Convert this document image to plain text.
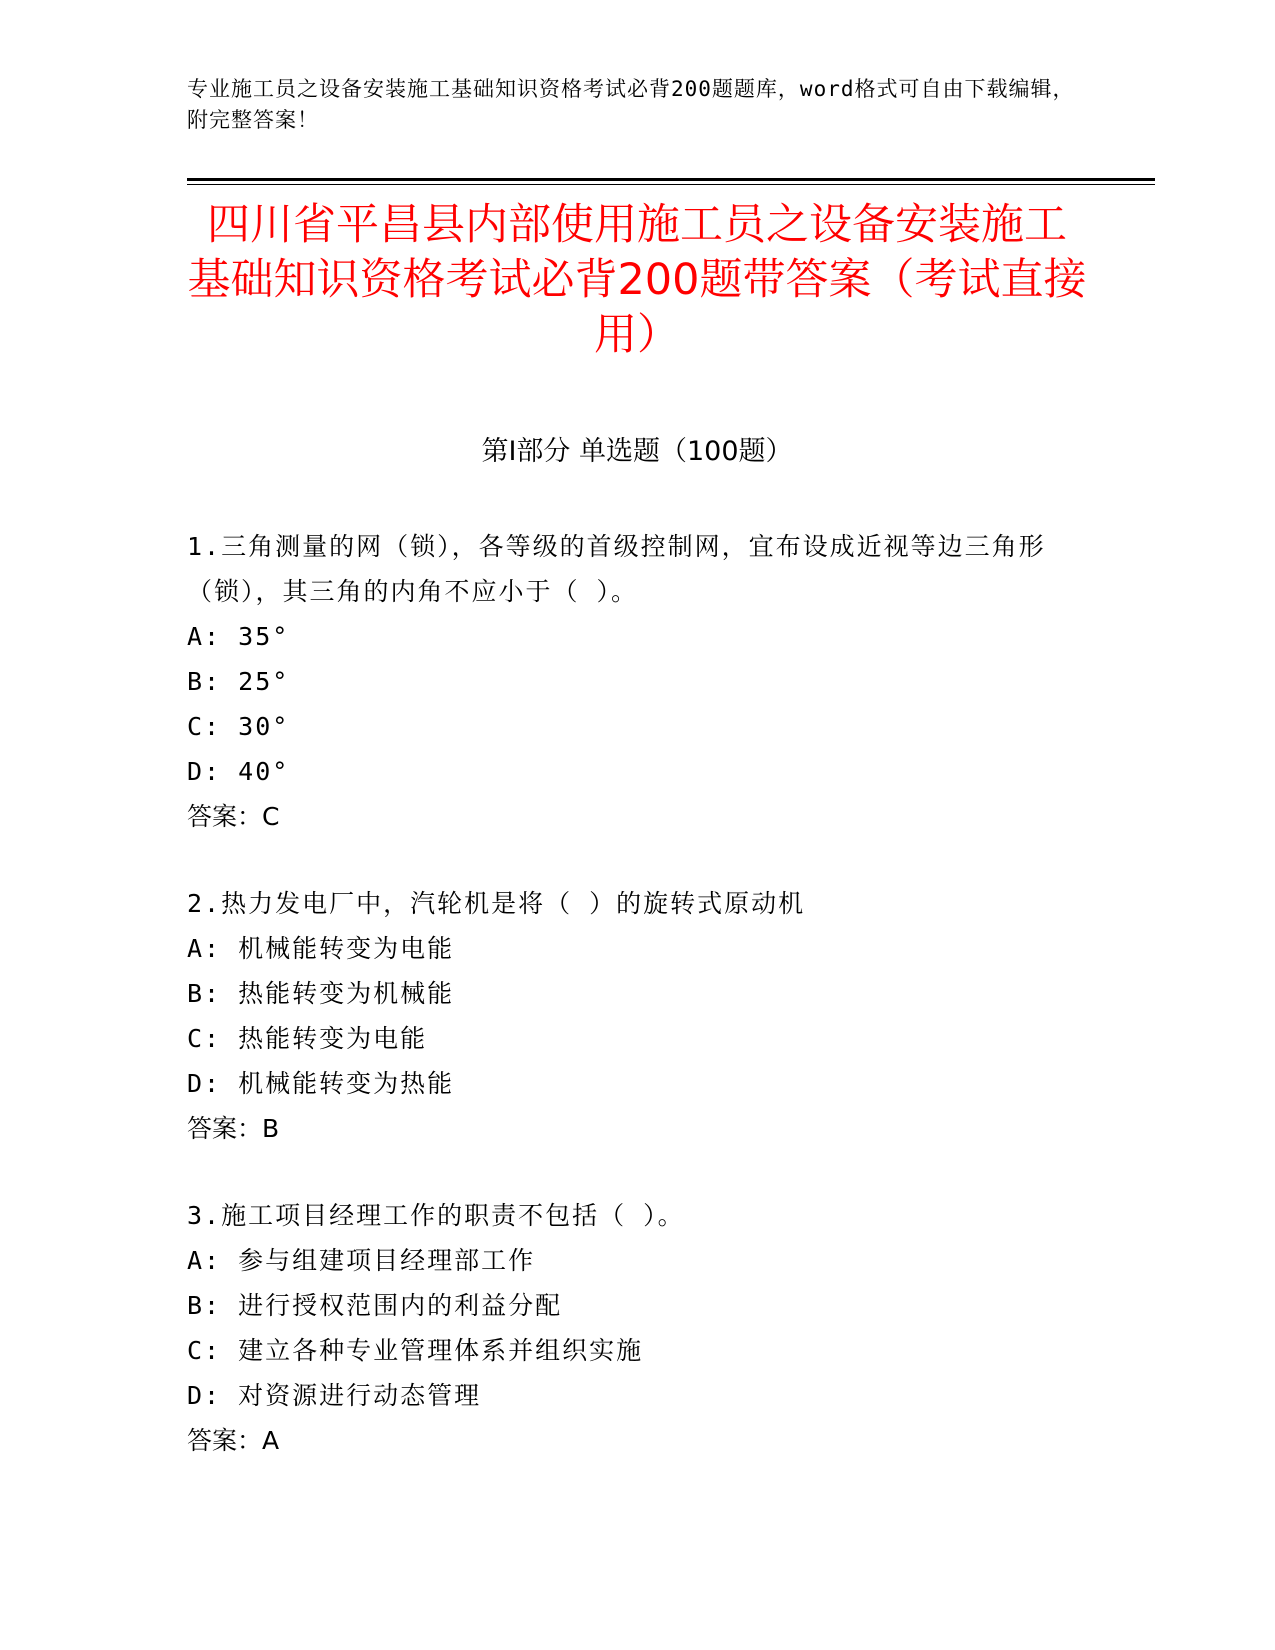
专业施工员之设备安装施工基础知识资格考试必背200题题库，word格式可自由下载编辑，附完整答案！
四川省平昌县内部使用施工员之设备安装施工基础知识资格考试必背200题带答案（考试直接用）
第Ⅰ部分 单选题（100题）
1.三角测量的网（锁），各等级的首级控制网，宜布设成近视等边三角形（锁），其三角的内角不应小于（ ）。
A: 35°
B: 25°
C: 30°
D: 40°
答案：C
2.热力发电厂中，汽轮机是将（ ）的旋转式原动机
A: 机械能转变为电能
B: 热能转变为机械能
C: 热能转变为电能
D: 机械能转变为热能
答案：B
3.施工项目经理工作的职责不包括（ ）。
A: 参与组建项目经理部工作
B: 进行授权范围内的利益分配
C: 建立各种专业管理体系并组织实施
D: 对资源进行动态管理
答案：A
